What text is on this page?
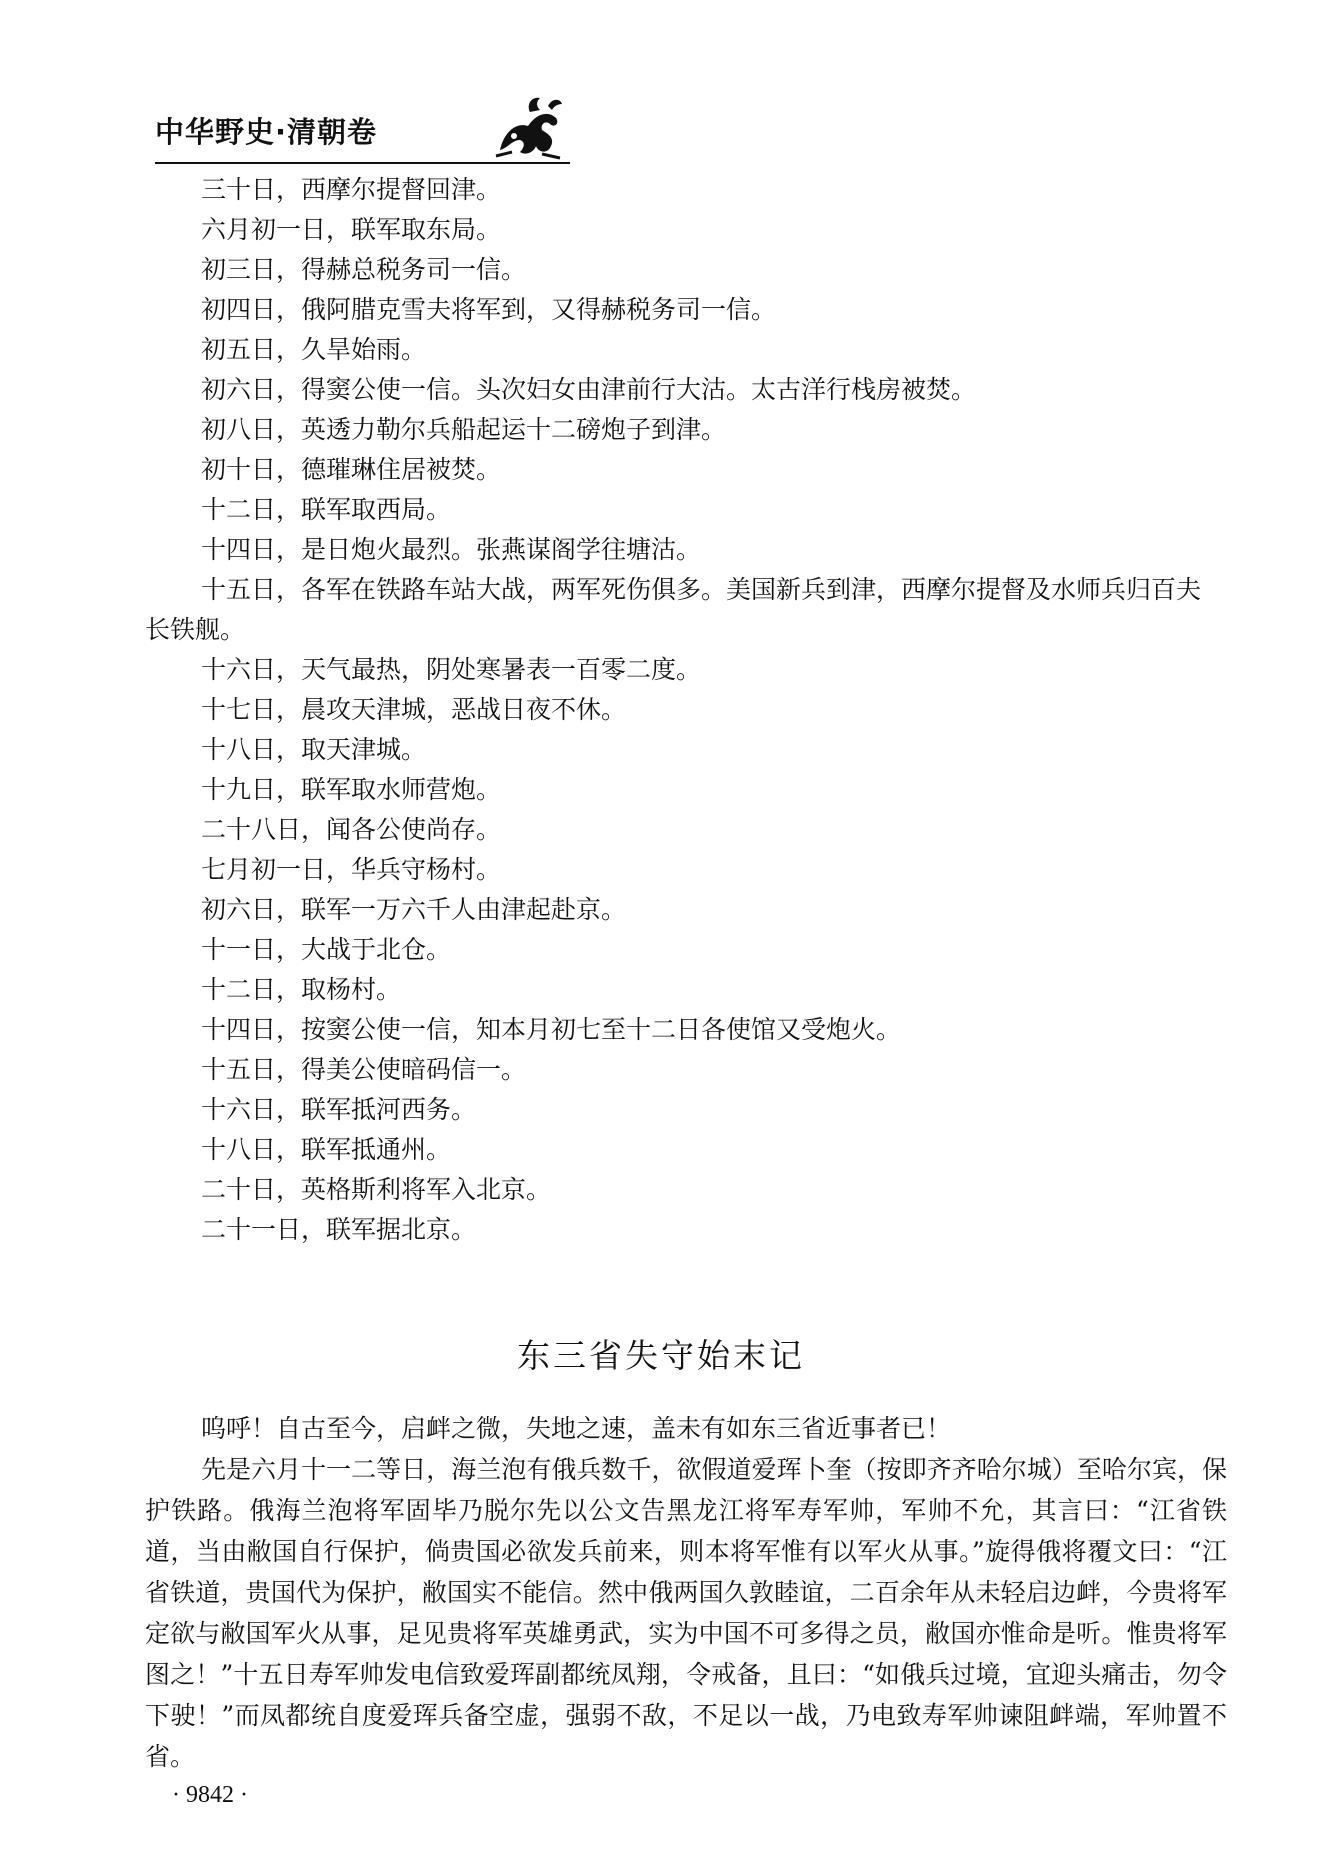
中华野史·清朝卷

三十日，西摩尔提督回津。

六月初一日，联军取东局。

初三日，得赫总税务司一信。

初四日，俄阿腊克雪夫将军到，又得赫税务司一信。

初五日，久旱始雨。

初六日，得窦公使一信。头次妇女由津前行大沽。太古洋行栈房被焚。

初八日，英透力勒尔兵船起运十二磅炮子到津。

初十日，德璀琳住居被焚。

十二日，联军取西局。

十四日，是日炮火最烈。张燕谋阁学往塘沽。

十五日，各军在铁路车站大战，两军死伤俱多。美国新兵到津，西摩尔提督及水师兵归百夫长铁舰。

十六日，天气最热，阴处寒暑表一百零二度。

十七日，晨攻天津城，恶战日夜不休。

十八日，取天津城。

十九日，联军取水师营炮。

二十八日，闻各公使尚存。

七月初一日，华兵守杨村。

初六日，联军一万六千人由津起赴京。

十一日，大战于北仓。

十二日，取杨村。

十四日，按窦公使一信，知本月初七至十二日各使馆又受炮火。

十五日，得美公使暗码信一。

十六日，联军抵河西务。

十八日，联军抵通州。

二十日，英格斯利将军入北京。

二十一日，联军据北京。

东三省失守始末记

呜呼！自古至今，启衅之微，失地之速，盖未有如东三省近事者已！

先是六月十一二等日，海兰泡有俄兵数千，欲假道爱珲卜奎（按即齐齐哈尔城）至哈尔宾，保护铁路。俄海兰泡将军固毕乃脱尔先以公文告黑龙江将军寿军帅，军帅不允，其言曰：“江省铁道，当由敝国自行保护，倘贵国必欲发兵前来，则本将军惟有以军火从事。”旋得俄将覆文曰：“江省铁道，贵国代为保护，敝国实不能信。然中俄两国久敦睦谊，二百余年从未轻启边衅，今贵将军定欲与敝国军火从事，足见贵将军英雄勇武，实为中国不可多得之员，敝国亦惟命是听。惟贵将军图之！”十五日寿军帅发电信致爱珲副都统凤翔，令戒备，且曰：“如俄兵过境，宜迎头痛击，勿令下驶！”而凤都统自度爱珲兵备空虚，强弱不敌，不足以一战，乃电致寿军帅谏阻衅端，军帅置不省。

· 9842 ·
